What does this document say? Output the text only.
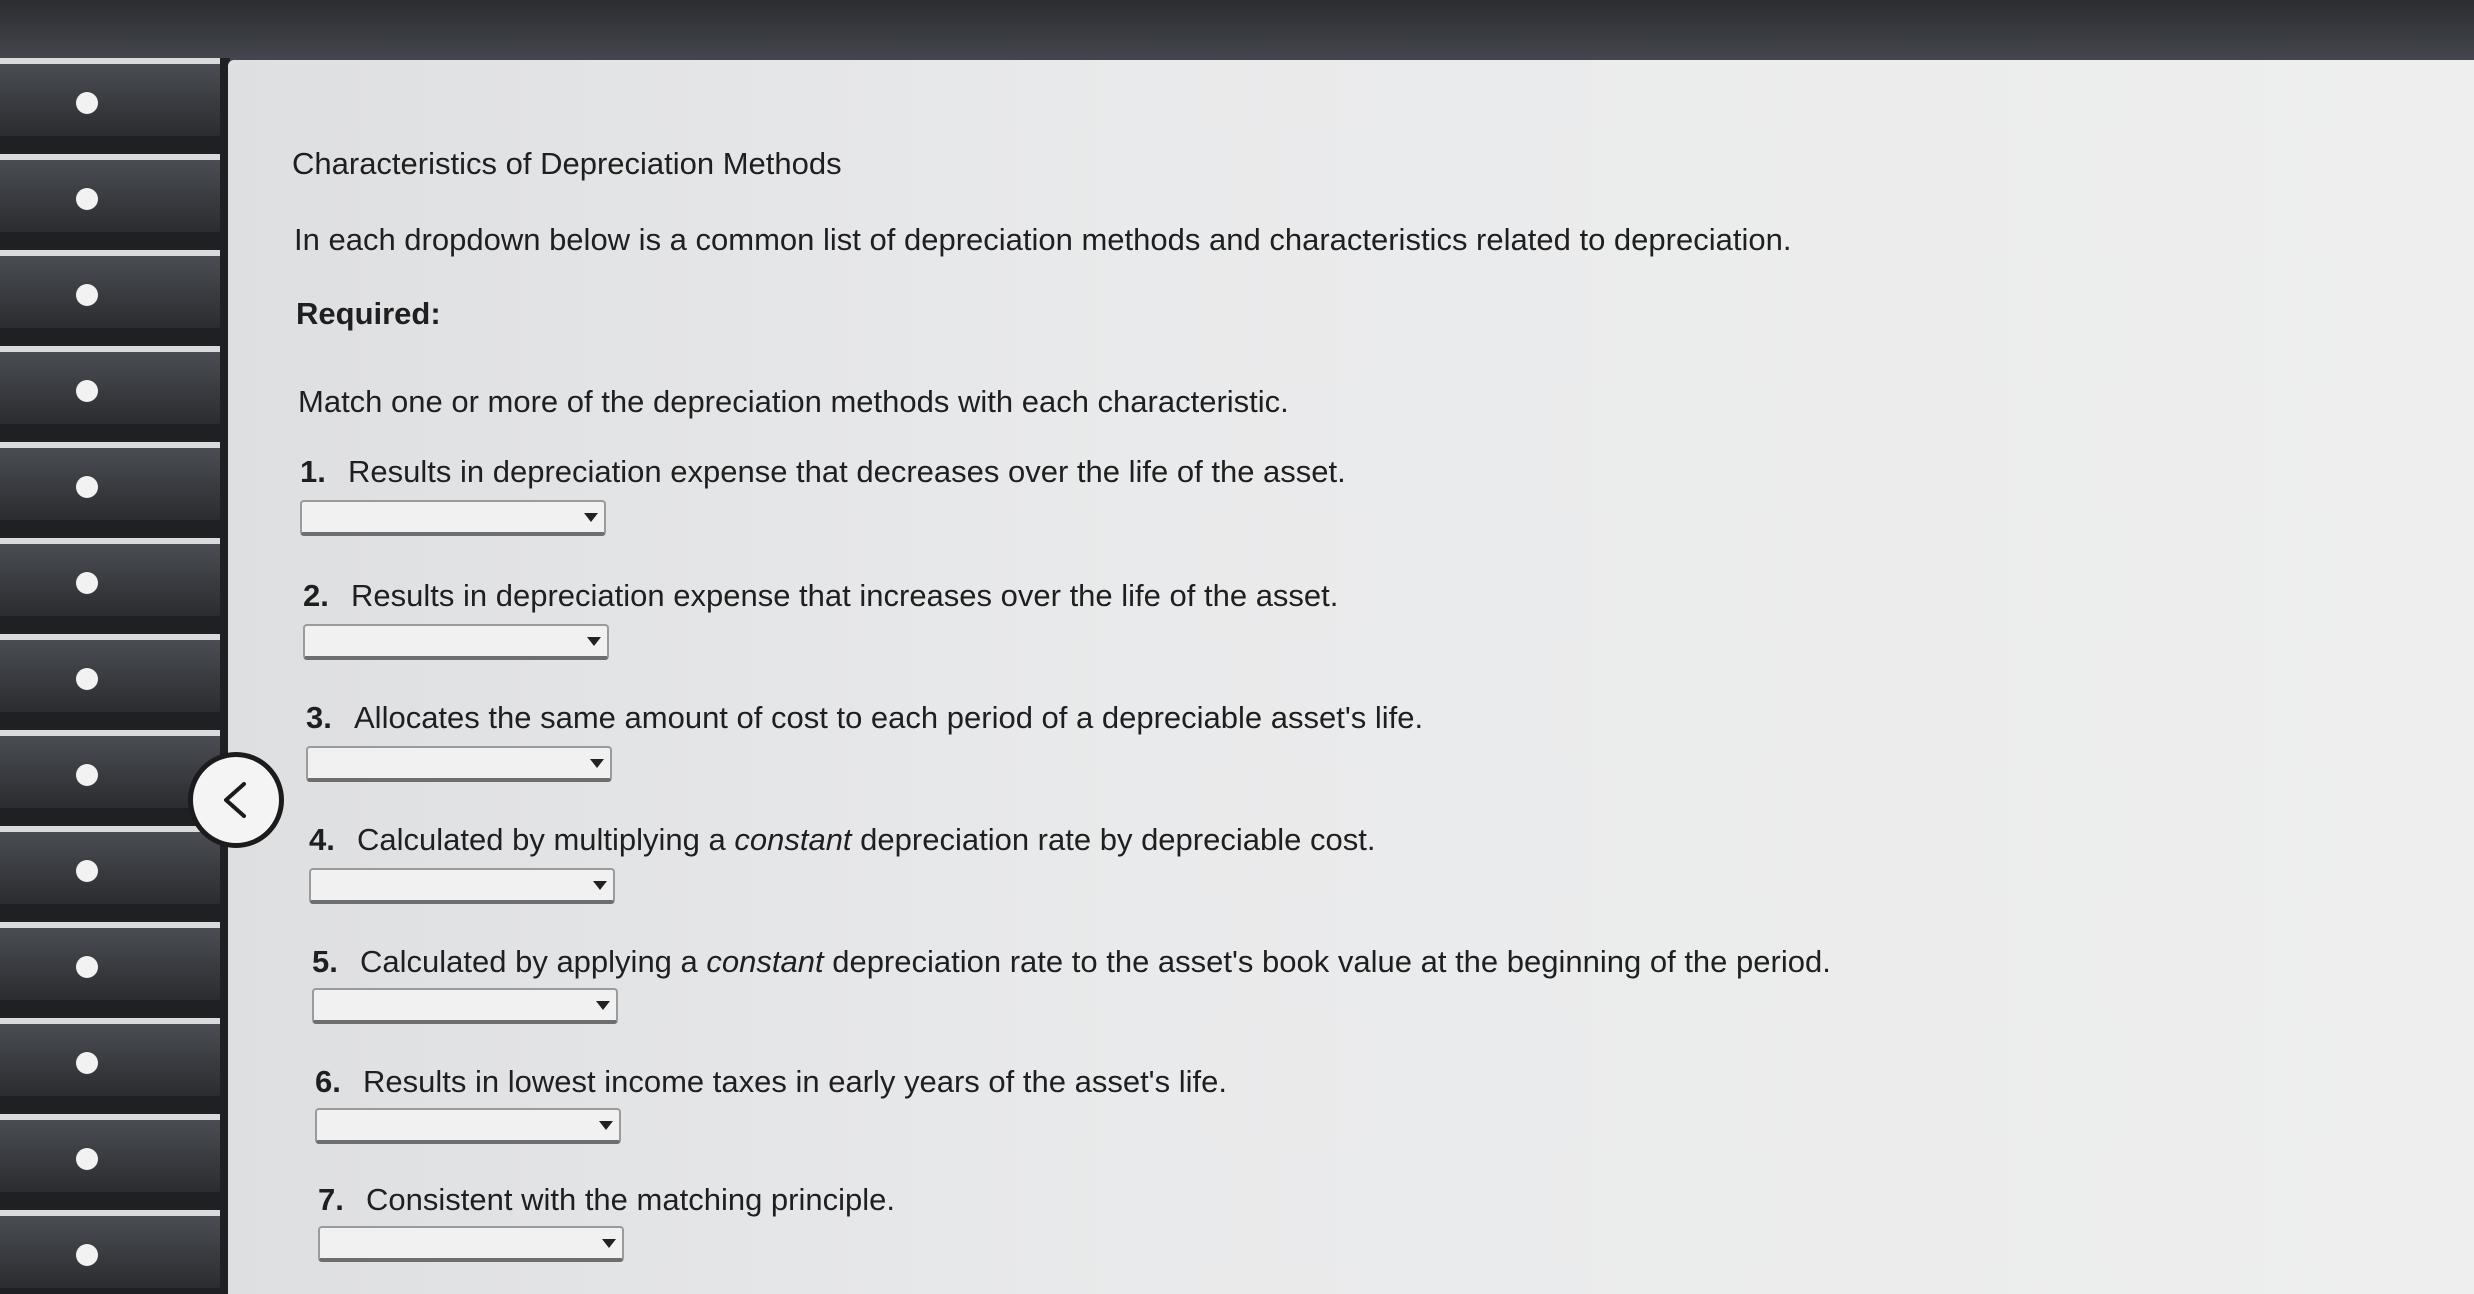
Characteristics of Depreciation Methods
In each dropdown below is a common list of depreciation methods and characteristics related to depreciation.
Required:
Match one or more of the depreciation methods with each characteristic.
1. Results in depreciation expense that decreases over the life of the asset.
2. Results in depreciation expense that increases over the life of the asset.
3. Allocates the same amount of cost to each period of a depreciable asset's life.
4. Calculated by multiplying a constant depreciation rate by depreciable cost.
5. Calculated by applying a constant depreciation rate to the asset's book value at the beginning of the period.
6. Results in lowest income taxes in early years of the asset's life.
7. Consistent with the matching principle.
